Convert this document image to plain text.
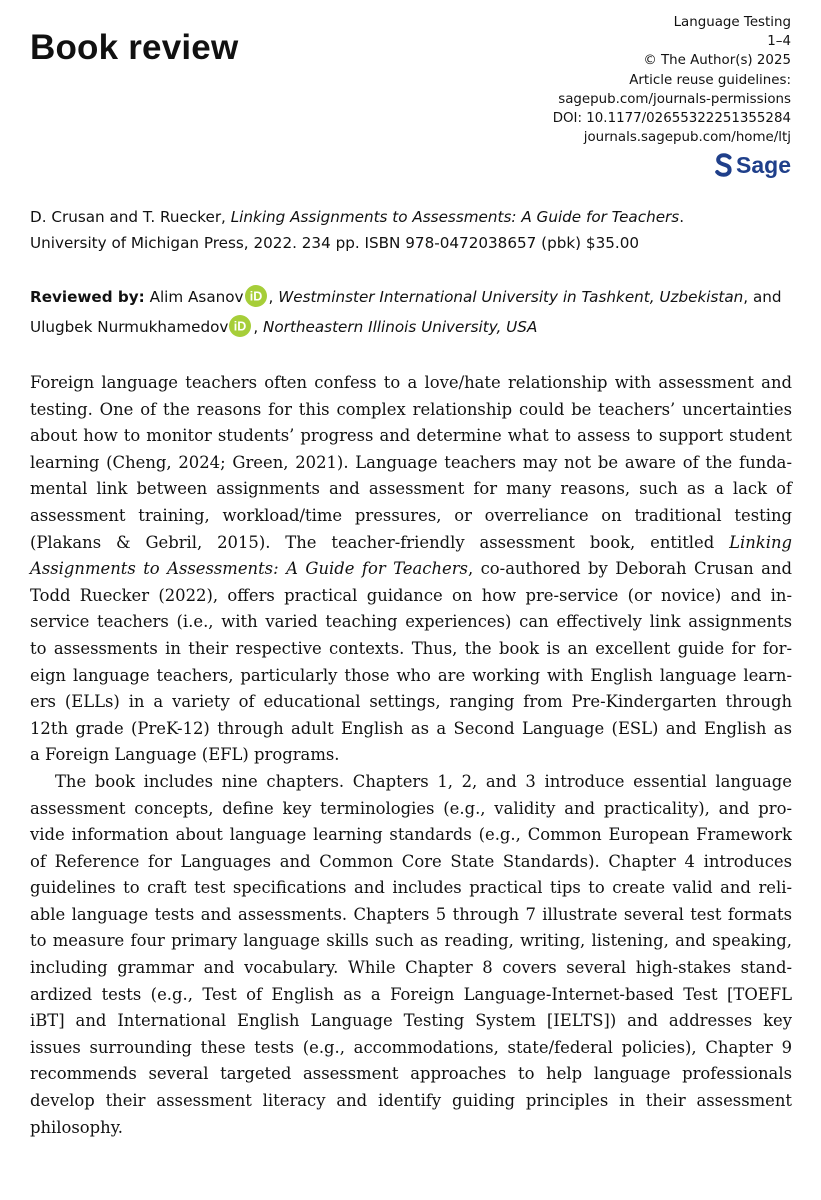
Book review
Language Testing
1–4
© The Author(s) 2025
Article reuse guidelines:
sagepub.com/journals-permissions
DOI: 10.1177/02655322251355284
journals.sagepub.com/home/ltj
Sage
D. Crusan and T. Ruecker, Linking Assignments to Assessments: A Guide for Teachers.
University of Michigan Press, 2022. 234 pp. ISBN 978-0472038657 (pbk) $35.00
Reviewed by: Alim Asanov iD , Westminster International University in Tashkent, Uzbekistan, and
Ulugbek Nurmukhamedov iD , Northeastern Illinois University, USA
Foreign language teachers often confess to a love/hate relationship with assessment and
testing. One of the reasons for this complex relationship could be teachers’ uncertainties
about how to monitor students’ progress and determine what to assess to support student
learning (Cheng, 2024; Green, 2021). Language teachers may not be aware of the funda-
mental link between assignments and assessment for many reasons, such as a lack of
assessment training, workload/time pressures, or overreliance on traditional testing
(Plakans & Gebril, 2015). The teacher-friendly assessment book, entitled Linking
Assignments to Assessments: A Guide for Teachers, co-authored by Deborah Crusan and
Todd Ruecker (2022), offers practical guidance on how pre-service (or novice) and in-
service teachers (i.e., with varied teaching experiences) can effectively link assignments
to assessments in their respective contexts. Thus, the book is an excellent guide for for-
eign language teachers, particularly those who are working with English language learn-
ers (ELLs) in a variety of educational settings, ranging from Pre-Kindergarten through
12th grade (PreK-12) through adult English as a Second Language (ESL) and English as
a Foreign Language (EFL) programs.
The book includes nine chapters. Chapters 1, 2, and 3 introduce essential language
assessment concepts, define key terminologies (e.g., validity and practicality), and pro-
vide information about language learning standards (e.g., Common European Framework
of Reference for Languages and Common Core State Standards). Chapter 4 introduces
guidelines to craft test specifications and includes practical tips to create valid and reli-
able language tests and assessments. Chapters 5 through 7 illustrate several test formats
to measure four primary language skills such as reading, writing, listening, and speaking,
including grammar and vocabulary. While Chapter 8 covers several high-stakes stand-
ardized tests (e.g., Test of English as a Foreign Language-Internet-based Test [TOEFL
iBT] and International English Language Testing System [IELTS]) and addresses key
issues surrounding these tests (e.g., accommodations, state/federal policies), Chapter 9
recommends several targeted assessment approaches to help language professionals
develop their assessment literacy and identify guiding principles in their assessment
philosophy.
